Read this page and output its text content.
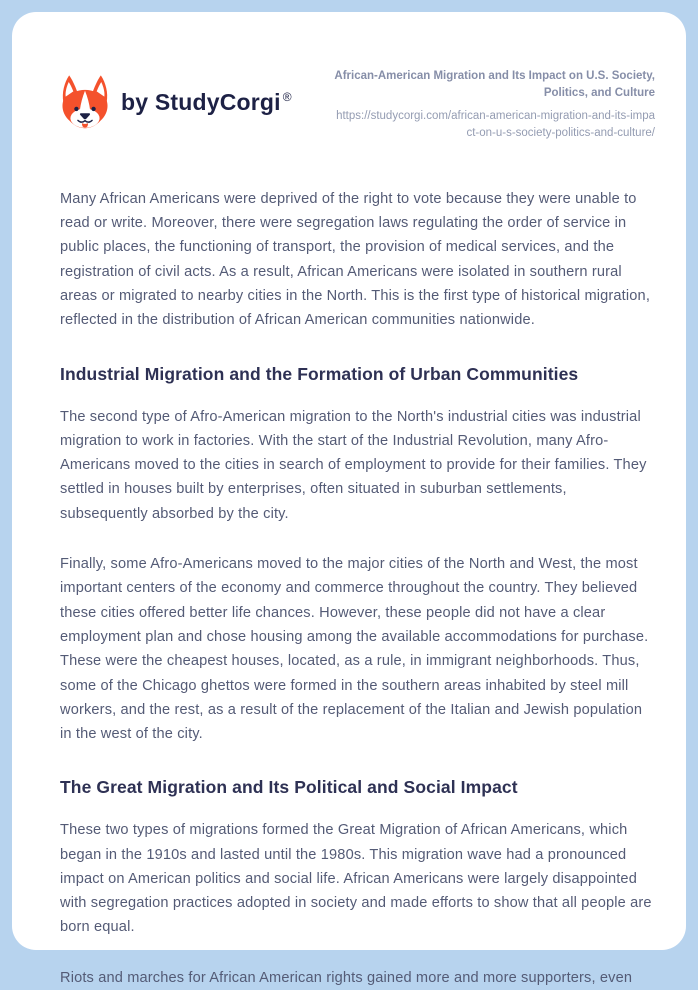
by StudyCorgi ®
African-American Migration and Its Impact on U.S. Society, Politics, and Culture
https://studycorgi.com/african-american-migration-and-its-impact-on-u-s-society-politics-and-culture/

Many African Americans were deprived of the right to vote because they were unable to read or write. Moreover, there were segregation laws regulating the order of service in public places, the functioning of transport, the provision of medical services, and the registration of civil acts. As a result, African Americans were isolated in southern rural areas or migrated to nearby cities in the North. This is the first type of historical migration, reflected in the distribution of African American communities nationwide.

Industrial Migration and the Formation of Urban Communities

The second type of Afro-American migration to the North's industrial cities was industrial migration to work in factories. With the start of the Industrial Revolution, many Afro-Americans moved to the cities in search of employment to provide for their families. They settled in houses built by enterprises, often situated in suburban settlements, subsequently absorbed by the city.

Finally, some Afro-Americans moved to the major cities of the North and West, the most important centers of the economy and commerce throughout the country. They believed these cities offered better life chances. However, these people did not have a clear employment plan and chose housing among the available accommodations for purchase. These were the cheapest houses, located, as a rule, in immigrant neighborhoods. Thus, some of the Chicago ghettos were formed in the southern areas inhabited by steel mill workers, and the rest, as a result of the replacement of the Italian and Jewish population in the west of the city.

The Great Migration and Its Political and Social Impact

These two types of migrations formed the Great Migration of African Americans, which began in the 1910s and lasted until the 1980s. This migration wave had a pronounced impact on American politics and social life. African Americans were largely disappointed with segregation practices adopted in society and made efforts to show that all people are born equal.

Riots and marches for African American rights gained more and more supporters, even
